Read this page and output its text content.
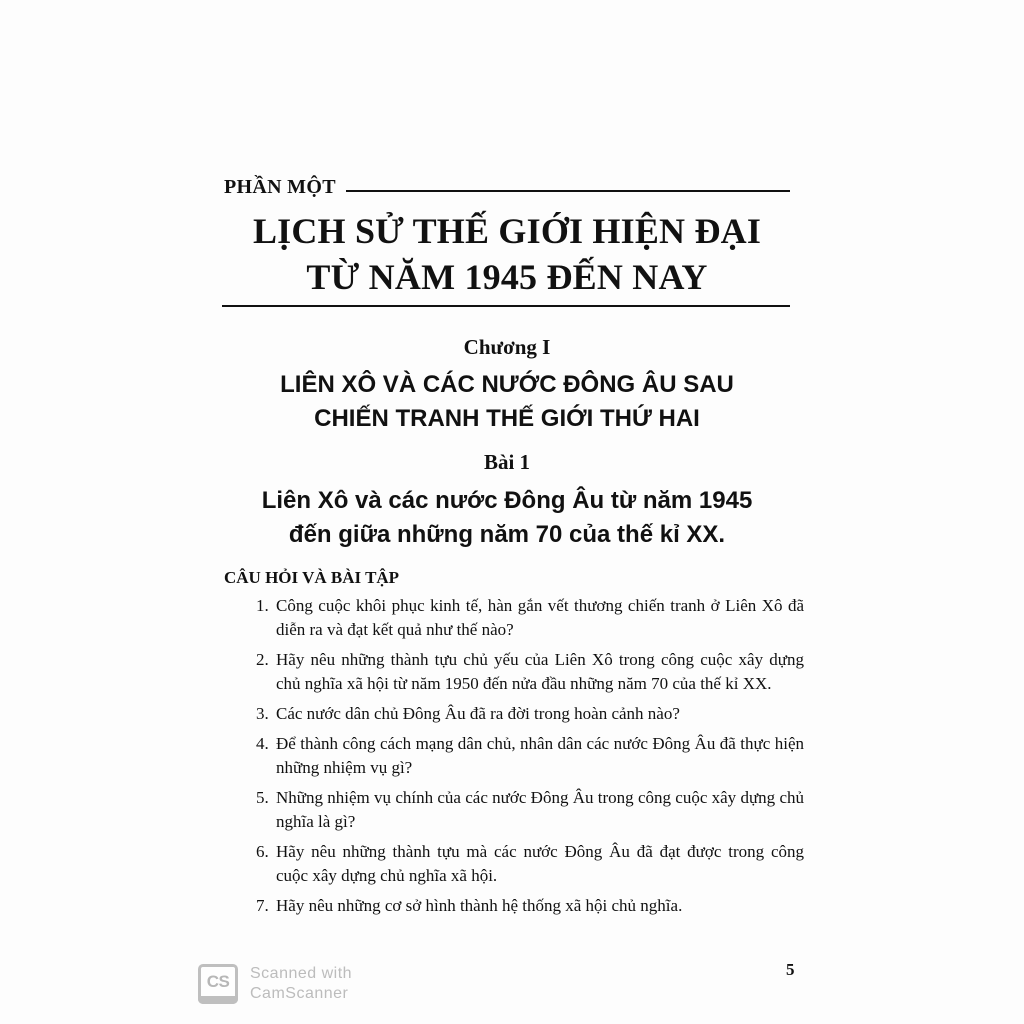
PHẦN MỘT
LỊCH SỬ THẾ GIỚI HIỆN ĐẠI
TỪ NĂM 1945 ĐẾN NAY
Chương I
LIÊN XÔ VÀ CÁC NƯỚC ĐÔNG ÂU SAU
CHIẾN TRANH THẾ GIỚI THỨ HAI
Bài 1
Liên Xô và các nước Đông Âu từ năm 1945
đến giữa những năm 70 của thế kỉ XX.
CÂU HỎI VÀ BÀI TẬP
1. Công cuộc khôi phục kinh tế, hàn gắn vết thương chiến tranh ở Liên Xô đã diễn ra và đạt kết quả như thế nào?
2. Hãy nêu những thành tựu chủ yếu của Liên Xô trong công cuộc xây dựng chủ nghĩa xã hội từ năm 1950 đến nửa đầu những năm 70 của thế kỉ XX.
3. Các nước dân chủ Đông Âu đã ra đời trong hoàn cảnh nào?
4. Để thành công cách mạng dân chủ, nhân dân các nước Đông Âu đã thực hiện những nhiệm vụ gì?
5. Những nhiệm vụ chính của các nước Đông Âu trong công cuộc xây dựng chủ nghĩa là gì?
6. Hãy nêu những thành tựu mà các nước Đông Âu đã đạt được trong công cuộc xây dựng chủ nghĩa xã hội.
7. Hãy nêu những cơ sở hình thành hệ thống xã hội chủ nghĩa.
CS Scanned with
CamScanner
5
